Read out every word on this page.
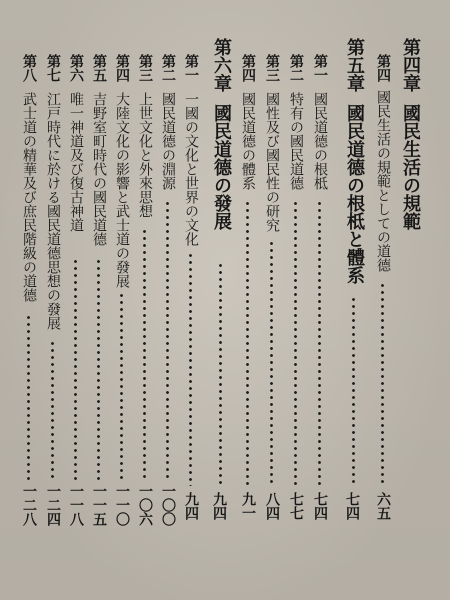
第四章
國民生活の規範
第四
國民生活の規範としての道德
六五
第五章
國民道德の根柢と體系
七四
第一
國民道德の根柢
七四
第二
特有の國民道德
七七
第三
國性及び國民性の研究
八四
第四
國民道德の體系
九一
第六章
國民道德の發展
九四
第一
一國の文化と世界の文化
九四
第二
國民道德の淵源
一〇〇
第三
上世文化と外來思想
一〇六
第四
大陸文化の影響と武士道の發展
一一〇
第五
吉野室町時代の國民道德
一一五
第六
唯一神道及び復古神道
一一八
第七
江戸時代に於ける國民道德思想の發展
一二四
第八
武士道の精華及び庶民階級の道德
一二八
